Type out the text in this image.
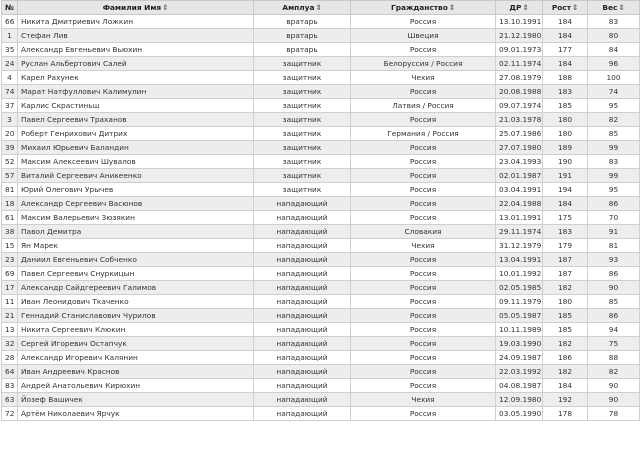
№	Фамилия Имя⇕	Амплуа⇕	Гражданство⇕	ДР⇕	Рост⇕	Вес⇕
66	Никита Дмитриевич Ложкин	вратарь	Россия	13.10.1991	184	83
1	Стефан Лив	вратарь	Швеция	21.12.1980	184	80
35	Александр Евгеньевич Вьюхин	вратарь	Россия	09.01.1973	177	84
24	Руслан Альбертович Салей	защитник	Белоруссия / Россия	02.11.1974	184	96
4	Карел Рахунек	защитник	Чехия	27.08.1979	188	100
74	Марат Натфуллович Калимулин	защитник	Россия	20.08.1988	183	74
37	Карлис Скрастиньш	защитник	Латвия / Россия	09.07.1974	185	95
3	Павел Сергеевич Траханов	защитник	Россия	21.03.1978	180	82
20	Роберт Генрихович Дитрих	защитник	Германия / Россия	25.07.1986	180	85
39	Михаил Юрьевич Баландин	защитник	Россия	27.07.1980	189	99
52	Максим Алексеевич Шувалов	защитник	Россия	23.04.1993	190	83
57	Виталий Сергеевич Аникеенко	защитник	Россия	02.01.1987	191	99
81	Юрий Олегович Урычев	защитник	Россия	03.04.1991	194	95
18	Александр Сергеевич Васюнов	нападающий	Россия	22.04.1988	184	86
61	Максим Валерьевич Зюзякин	нападающий	Россия	13.01.1991	175	70
38	Павол Демитра	нападающий	Словакия	29.11.1974	183	91
15	Ян Марек	нападающий	Чехия	31.12.1979	179	81
23	Даниил Евгеньевич Собченко	нападающий	Россия	13.04.1991	187	93
69	Павел Сергеевич Снуркицын	нападающий	Россия	10.01.1992	187	86
17	Александр Сайдгереевич Галимов	нападающий	Россия	02.05.1985	182	90
11	Иван Леонидович Ткаченко	нападающий	Россия	09.11.1979	180	85
21	Геннадий Станиславович Чурилов	нападающий	Россия	05.05.1987	185	86
13	Никита Сергеевич Клюкин	нападающий	Россия	10.11.1989	185	94
32	Сергей Игоревич Остапчук	нападающий	Россия	19.03.1990	182	75
28	Александр Игоревич Калянин	нападающий	Россия	24.09.1987	186	88
64	Иван Андреевич Краснов	нападающий	Россия	22.03.1992	182	82
83	Андрей Анатольевич Кирюхин	нападающий	Россия	04.08.1987	184	90
63	Йозеф Вашичек	нападающий	Чехия	12.09.1980	192	90
72	Артём Николаевич Ярчук	нападающий	Россия	03.05.1990	178	78
